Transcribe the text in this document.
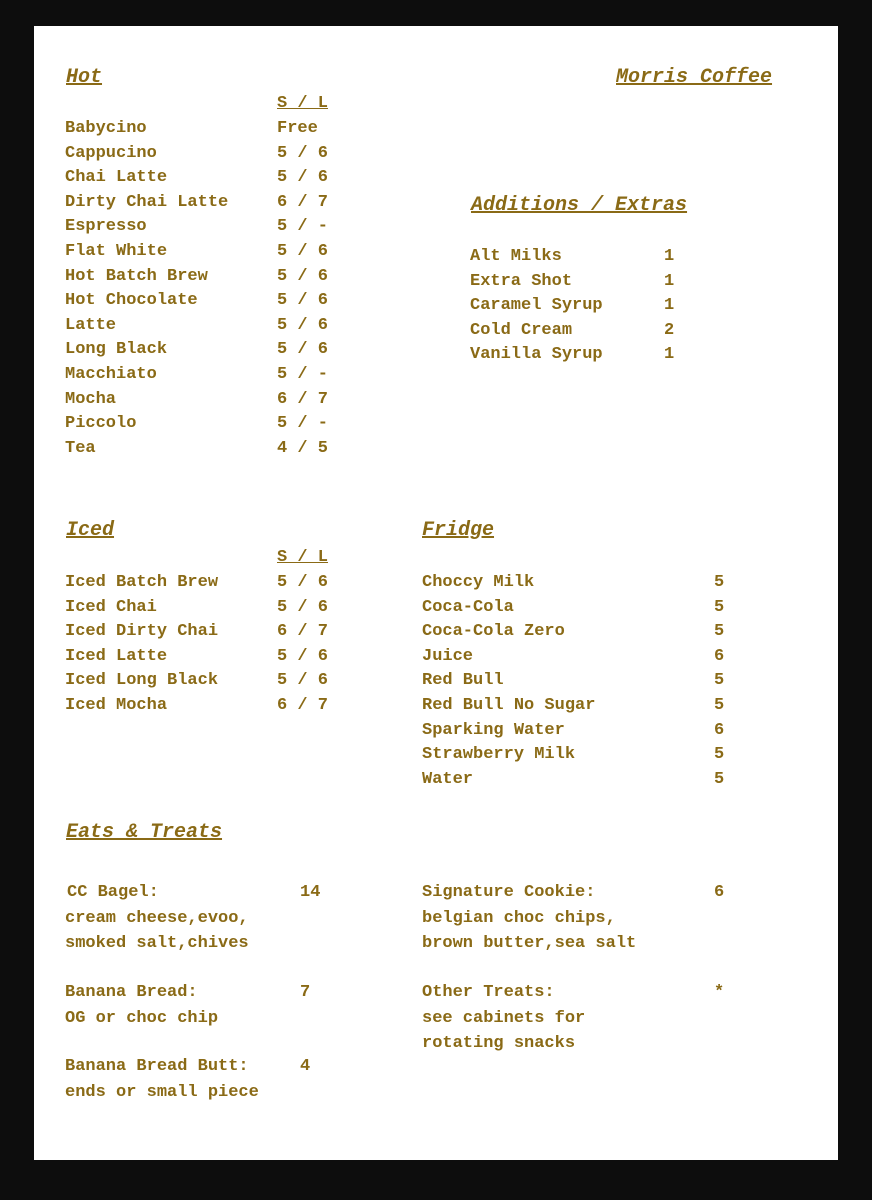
Hot	Morris Coffee
S / L
Babycino	Free
Cappucino	5 / 6
Chai Latte	5 / 6
Dirty Chai Latte	6 / 7
Espresso	5 / -
Flat White	5 / 6
Hot Batch Brew	5 / 6
Hot Chocolate	5 / 6
Latte	5 / 6
Long Black	5 / 6
Macchiato	5 / -
Mocha	6 / 7
Piccolo	5 / -
Tea	4 / 5
Additions / Extras
Alt Milks	1
Extra Shot	1
Caramel Syrup	1
Cold Cream	2
Vanilla Syrup	1
Iced
S / L
Iced Batch Brew	5 / 6
Iced Chai	5 / 6
Iced Dirty Chai	6 / 7
Iced Latte	5 / 6
Iced Long Black	5 / 6
Iced Mocha	6 / 7
Fridge
Choccy Milk	5
Coca-Cola	5
Coca-Cola Zero	5
Juice	6
Red Bull	5
Red Bull No Sugar	5
Sparking Water	6
Strawberry Milk	5
Water	5
Eats & Treats
CC Bagel:	14
cream cheese,evoo,
smoked salt,chives
Banana Bread:	7
OG or choc chip
Banana Bread Butt:	4
ends or small piece
Signature Cookie:	6
belgian choc chips,
brown butter,sea salt
Other Treats:	*
see cabinets for
rotating snacks
